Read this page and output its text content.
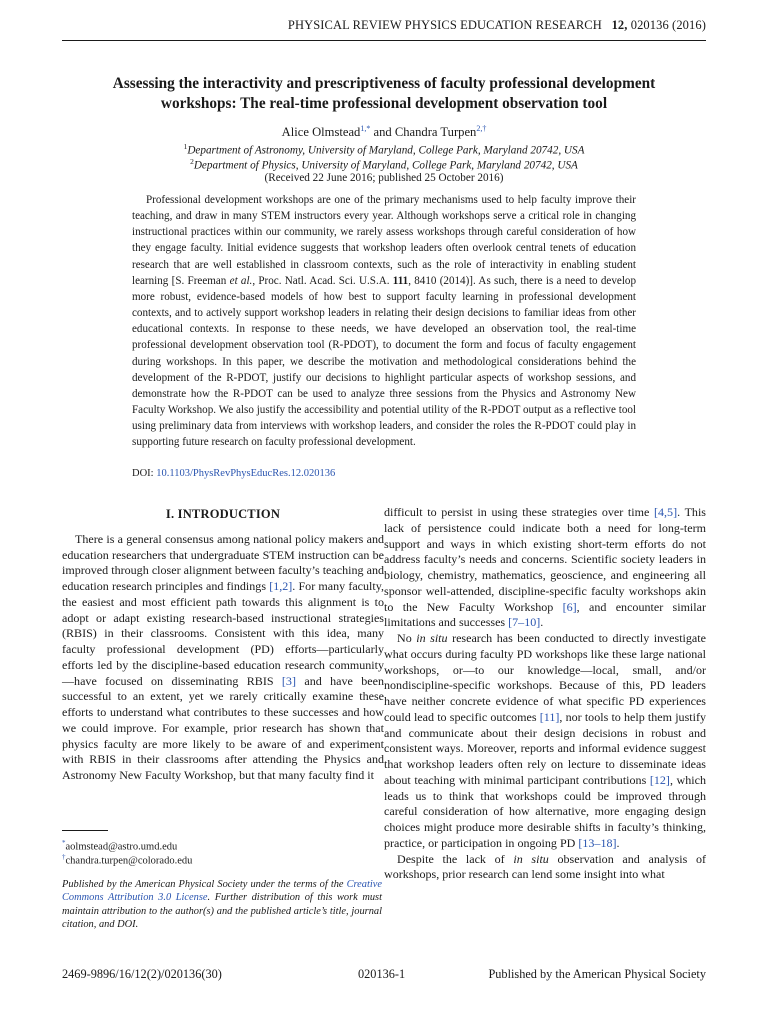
PHYSICAL REVIEW PHYSICS EDUCATION RESEARCH 12, 020136 (2016)
Assessing the interactivity and prescriptiveness of faculty professional development workshops: The real-time professional development observation tool
Alice Olmstead$^{1,*}$ and Chandra Turpen$^{2,\dagger}$
$^1$Department of Astronomy, University of Maryland, College Park, Maryland 20742, USA
$^2$Department of Physics, University of Maryland, College Park, Maryland 20742, USA
(Received 22 June 2016; published 25 October 2016)
Professional development workshops are one of the primary mechanisms used to help faculty improve their teaching, and draw in many STEM instructors every year. Although workshops serve a critical role in changing instructional practices within our community, we rarely assess workshops through careful consideration of how they engage faculty. Initial evidence suggests that workshop leaders often overlook central tenets of education research that are well established in classroom contexts, such as the role of interactivity in enabling student learning [S. Freeman et al., Proc. Natl. Acad. Sci. U.S.A. 111, 8410 (2014)]. As such, there is a need to develop more robust, evidence-based models of how best to support faculty learning in professional development contexts, and to actively support workshop leaders in relating their design decisions to familiar ideas from other educational contexts. In response to these needs, we have developed an observation tool, the real-time professional development observation tool (R-PDOT), to document the form and focus of faculty engagement during workshops. In this paper, we describe the motivation and methodological considerations behind the development of the R-PDOT, justify our decisions to highlight particular aspects of workshop sessions, and demonstrate how the R-PDOT can be used to analyze three sessions from the Physics and Astronomy New Faculty Workshop. We also justify the accessibility and potential utility of the R-PDOT output as a reflective tool using preliminary data from interviews with workshop leaders, and consider the roles the R-PDOT could play in supporting future research on faculty professional development.
DOI: 10.1103/PhysRevPhysEducRes.12.020136
I. INTRODUCTION

There is a general consensus among national policy makers and education researchers that undergraduate STEM instruction can be improved through closer alignment between faculty’s teaching and education research principles and findings [1,2]. For many faculty, the easiest and most efficient path towards this alignment is to adopt or adapt existing research-based instructional strategies (RBIS) in their classrooms. Consistent with this idea, many faculty professional development (PD) efforts—particularly efforts led by the discipline-based education research community—have focused on disseminating RBIS [3] and have been successful to an extent, yet we rarely critically examine these efforts to understand what contributes to these successes and how we could improve. For example, prior research has shown that physics faculty are more likely to be aware of and experiment with RBIS in their classrooms after attending the Physics and Astronomy New Faculty Workshop, but that many faculty find it

*aolmstead@astro.umd.edu
†chandra.turpen@colorado.edu
Published by the American Physical Society under the terms of the Creative Commons Attribution 3.0 License. Further distribution of this work must maintain attribution to the author(s) and the published article’s title, journal citation, and DOI.

difficult to persist in using these strategies over time [4,5]. This lack of persistence could indicate both a need for long-term support and ways in which existing short-term efforts do not address faculty’s needs and concerns. Scientific society leaders in biology, chemistry, mathematics, geoscience, and engineering all sponsor well-attended, discipline-specific faculty workshops akin to the New Faculty Workshop [6], and encounter similar limitations and successes [7–10].

No in situ research has been conducted to directly investigate what occurs during faculty PD workshops like these large national workshops, or—to our knowledge—local, small, and/or nondiscipline-specific workshops. Because of this, PD leaders have neither concrete evidence of what specific PD experiences could lead to specific outcomes [11], nor tools to help them justify and communicate about their design decisions in robust and consistent ways. Moreover, reports and informal evidence suggest that workshop leaders often rely on lecture to disseminate ideas about teaching with minimal participant contributions [12], which leads us to think that workshops could be improved through careful consideration of how alternative, more engaging design choices might produce more desirable shifts in faculty’s thinking, practice, or participation in ongoing PD [13–18].

Despite the lack of in situ observation and analysis of workshops, prior research can lend some insight into what

2469-9896/16/12(2)/020136(30)	020136-1	Published by the American Physical Society
